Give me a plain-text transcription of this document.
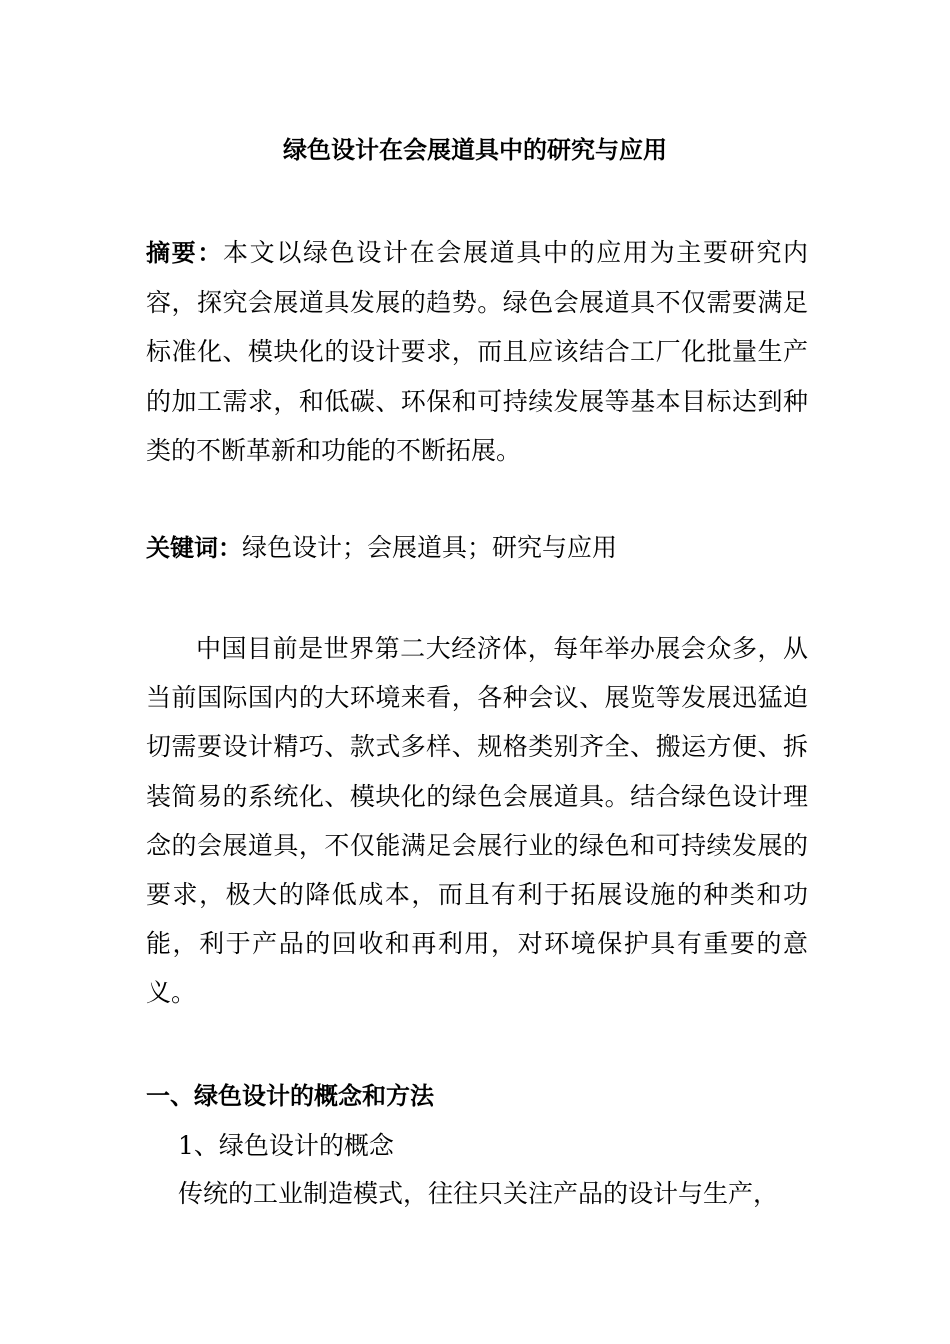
绿色设计在会展道具中的研究与应用

摘要：本文以绿色设计在会展道具中的应用为主要研究内容，探究会展道具发展的趋势。绿色会展道具不仅需要满足标准化、模块化的设计要求，而且应该结合工厂化批量生产的加工需求，和低碳、环保和可持续发展等基本目标达到种类的不断革新和功能的不断拓展。

关键词：绿色设计；会展道具；研究与应用

中国目前是世界第二大经济体，每年举办展会众多，从当前国际国内的大环境来看，各种会议、展览等发展迅猛迫切需要设计精巧、款式多样、规格类别齐全、搬运方便、拆装简易的系统化、模块化的绿色会展道具。结合绿色设计理念的会展道具，不仅能满足会展行业的绿色和可持续发展的要求，极大的降低成本，而且有利于拓展设施的种类和功能，利于产品的回收和再利用，对环境保护具有重要的意义。

一、绿色设计的概念和方法

1、绿色设计的概念

传统的工业制造模式，往往只关注产品的设计与生产，
